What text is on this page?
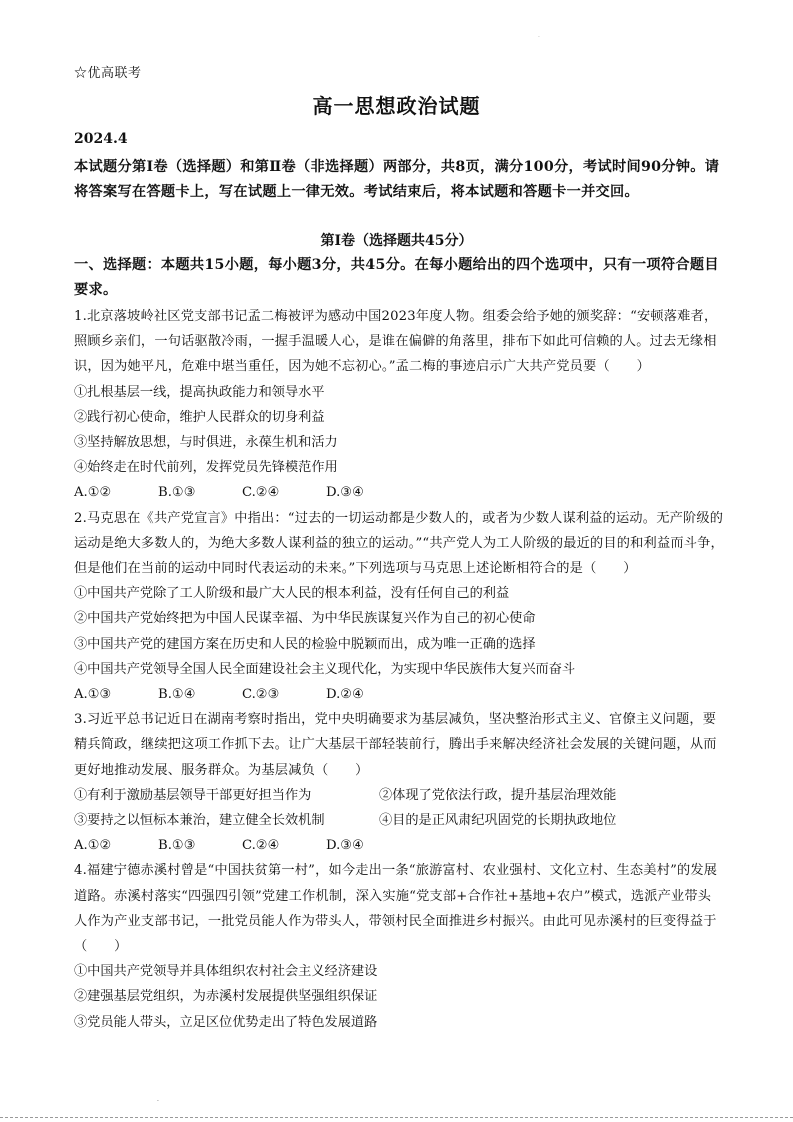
·
☆优高联考
高一思想政治试题
2024.4
本试题分第Ⅰ卷（选择题）和第Ⅱ卷（非选择题）两部分，共8页，满分100分，考试时间90分钟。请将答案写在答题卡上，写在试题上一律无效。考试结束后，将本试题和答题卡一并交回。
第Ⅰ卷（选择题共45分）
一、选择题：本题共15小题，每小题3分，共45分。在每小题给出的四个选项中，只有一项符合题目要求。

1.北京落坡岭社区党支部书记孟二梅被评为感动中国2023年度人物。组委会给予她的颁奖辞：“安顿落难者，照顾乡亲们，一句话驱散冷雨，一握手温暖人心，是谁在偏僻的角落里，排布下如此可信赖的人。过去无缘相识，因为她平凡，危难中堪当重任，因为她不忘初心。”孟二梅的事迹启示广大共产党员要（　　）

①扎根基层一线，提高执政能力和领导水平

②践行初心使命，维护人民群众的切身利益

③坚持解放思想，与时俱进，永葆生机和活力

④始终走在时代前列，发挥党员先锋模范作用

A.①②	B.①③	C.②④	D.③④

2.马克思在《共产党宣言》中指出：“过去的一切运动都是少数人的，或者为少数人谋利益的运动。无产阶级的运动是绝大多数人的，为绝大多数人谋利益的独立的运动。”“共产党人为工人阶级的最近的目的和利益而斗争，但是他们在当前的运动中同时代表运动的未来。”下列选项与马克思上述论断相符合的是（　　）

①中国共产党除了工人阶级和最广大人民的根本利益，没有任何自己的利益

②中国共产党始终把为中国人民谋幸福、为中华民族谋复兴作为自己的初心使命

③中国共产党的建国方案在历史和人民的检验中脱颖而出，成为唯一正确的选择

④中国共产党领导全国人民全面建设社会主义现代化，为实现中华民族伟大复兴而奋斗

A.①③	B.①④	C.②③	D.②④

3.习近平总书记近日在湖南考察时指出，党中央明确要求为基层减负，坚决整治形式主义、官僚主义问题，要精兵简政，继续把这项工作抓下去。让广大基层干部轻装前行，腾出手来解决经济社会发展的关键问题，从而更好地推动发展、服务群众。为基层减负（　　）

①有利于激励基层领导干部更好担当作为	②体现了党依法行政，提升基层治理效能

③要持之以恒标本兼治，建立健全长效机制	④目的是正风肃纪巩固党的长期执政地位

A.①②	B.①③	C.②④	D.③④

4.福建宁德赤溪村曾是“中国扶贫第一村”，如今走出一条“旅游富村、农业强村、文化立村、生态美村”的发展道路。赤溪村落实“四强四引领”党建工作机制，深入实施“党支部+合作社+基地+农户”模式，选派产业带头人作为产业支部书记，一批党员能人作为带头人，带领村民全面推进乡村振兴。由此可见赤溪村的巨变得益于（　　）

①中国共产党领导并具体组织农村社会主义经济建设

②建强基层党组织，为赤溪村发展提供坚强组织保证

③党员能人带头，立足区位优势走出了特色发展道路

·
